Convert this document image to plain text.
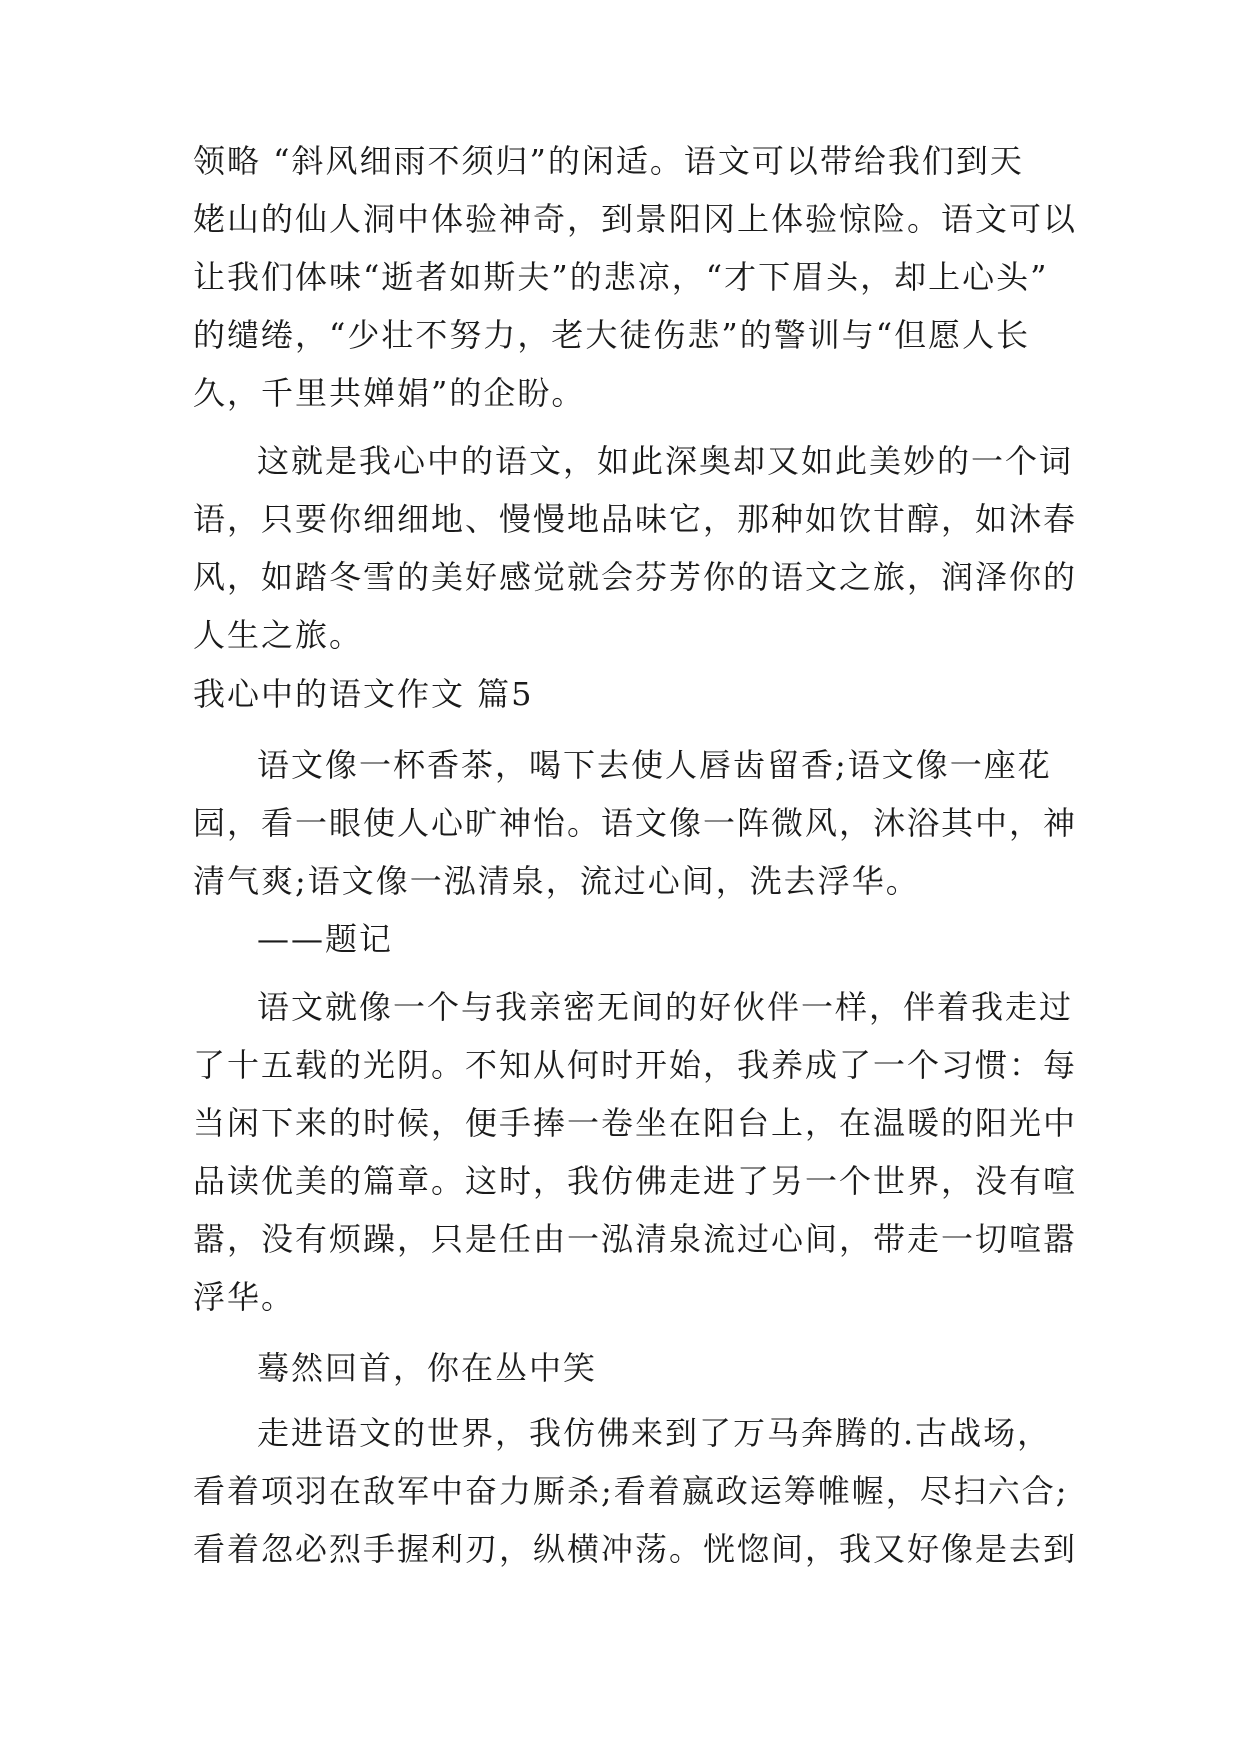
领略 “斜风细雨不须归”的闲适。语文可以带给我们到天
姥山的仙人洞中体验神奇，到景阳冈上体验惊险。语文可以
让我们体味“逝者如斯夫”的悲凉，“才下眉头，却上心头”
的缱绻，“少壮不努力，老大徒伤悲”的警训与“但愿人长
久，千里共婵娟”的企盼。
这就是我心中的语文，如此深奥却又如此美妙的一个词
语，只要你细细地、慢慢地品味它，那种如饮甘醇，如沐春
风，如踏冬雪的美好感觉就会芬芳你的语文之旅，润泽你的
人生之旅。
我心中的语文作文 篇5
语文像一杯香茶，喝下去使人唇齿留香;语文像一座花
园，看一眼使人心旷神怡。语文像一阵微风，沐浴其中，神
清气爽;语文像一泓清泉，流过心间，洗去浮华。
——题记
语文就像一个与我亲密无间的好伙伴一样，伴着我走过
了十五载的光阴。不知从何时开始，我养成了一个习惯：每
当闲下来的时候，便手捧一卷坐在阳台上，在温暖的阳光中
品读优美的篇章。这时，我仿佛走进了另一个世界，没有喧
嚣，没有烦躁，只是任由一泓清泉流过心间，带走一切喧嚣
浮华。
蓦然回首，你在丛中笑
走进语文的世界，我仿佛来到了万马奔腾的.古战场，
看着项羽在敌军中奋力厮杀;看着嬴政运筹帷幄，尽扫六合;
看着忽必烈手握利刃，纵横冲荡。恍惚间，我又好像是去到
